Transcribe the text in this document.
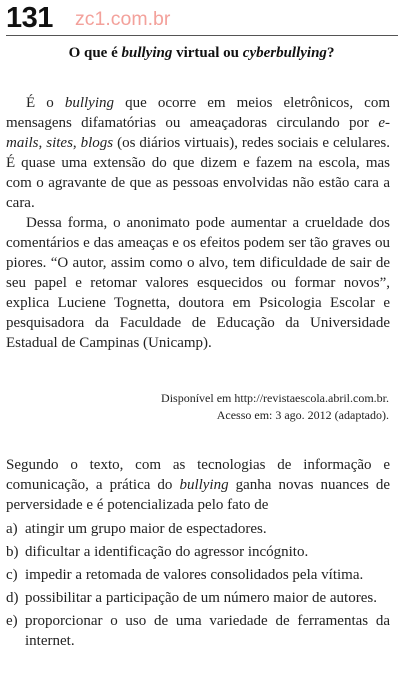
131 zc1.com.br
O que é bullying virtual ou cyberbullying?

É o bullying que ocorre em meios eletrônicos, com mensagens difamatórias ou ameaçadoras circulando por e-mails, sites, blogs (os diários virtuais), redes sociais e celulares. É quase uma extensão do que dizem e fazem na escola, mas com o agravante de que as pessoas envolvidas não estão cara a cara.

Dessa forma, o anonimato pode aumentar a crueldade dos comentários e das ameaças e os efeitos podem ser tão graves ou piores. “O autor, assim como o alvo, tem dificuldade de sair de seu papel e retomar valores esquecidos ou formar novos”, explica Luciene Tognetta, doutora em Psicologia Escolar e pesquisadora da Faculdade de Educação da Universidade Estadual de Campinas (Unicamp).

Disponível em http://revistaescola.abril.com.br.
Acesso em: 3 ago. 2012 (adaptado).

Segundo o texto, com as tecnologias de informação e comunicação, a prática do bullying ganha novas nuances de perversidade e é potencializada pelo fato de

a) atingir um grupo maior de espectadores.
b) dificultar a identificação do agressor incógnito.
c) impedir a retomada de valores consolidados pela vítima.
d) possibilitar a participação de um número maior de autores.
e) proporcionar o uso de uma variedade de ferramentas da internet.
